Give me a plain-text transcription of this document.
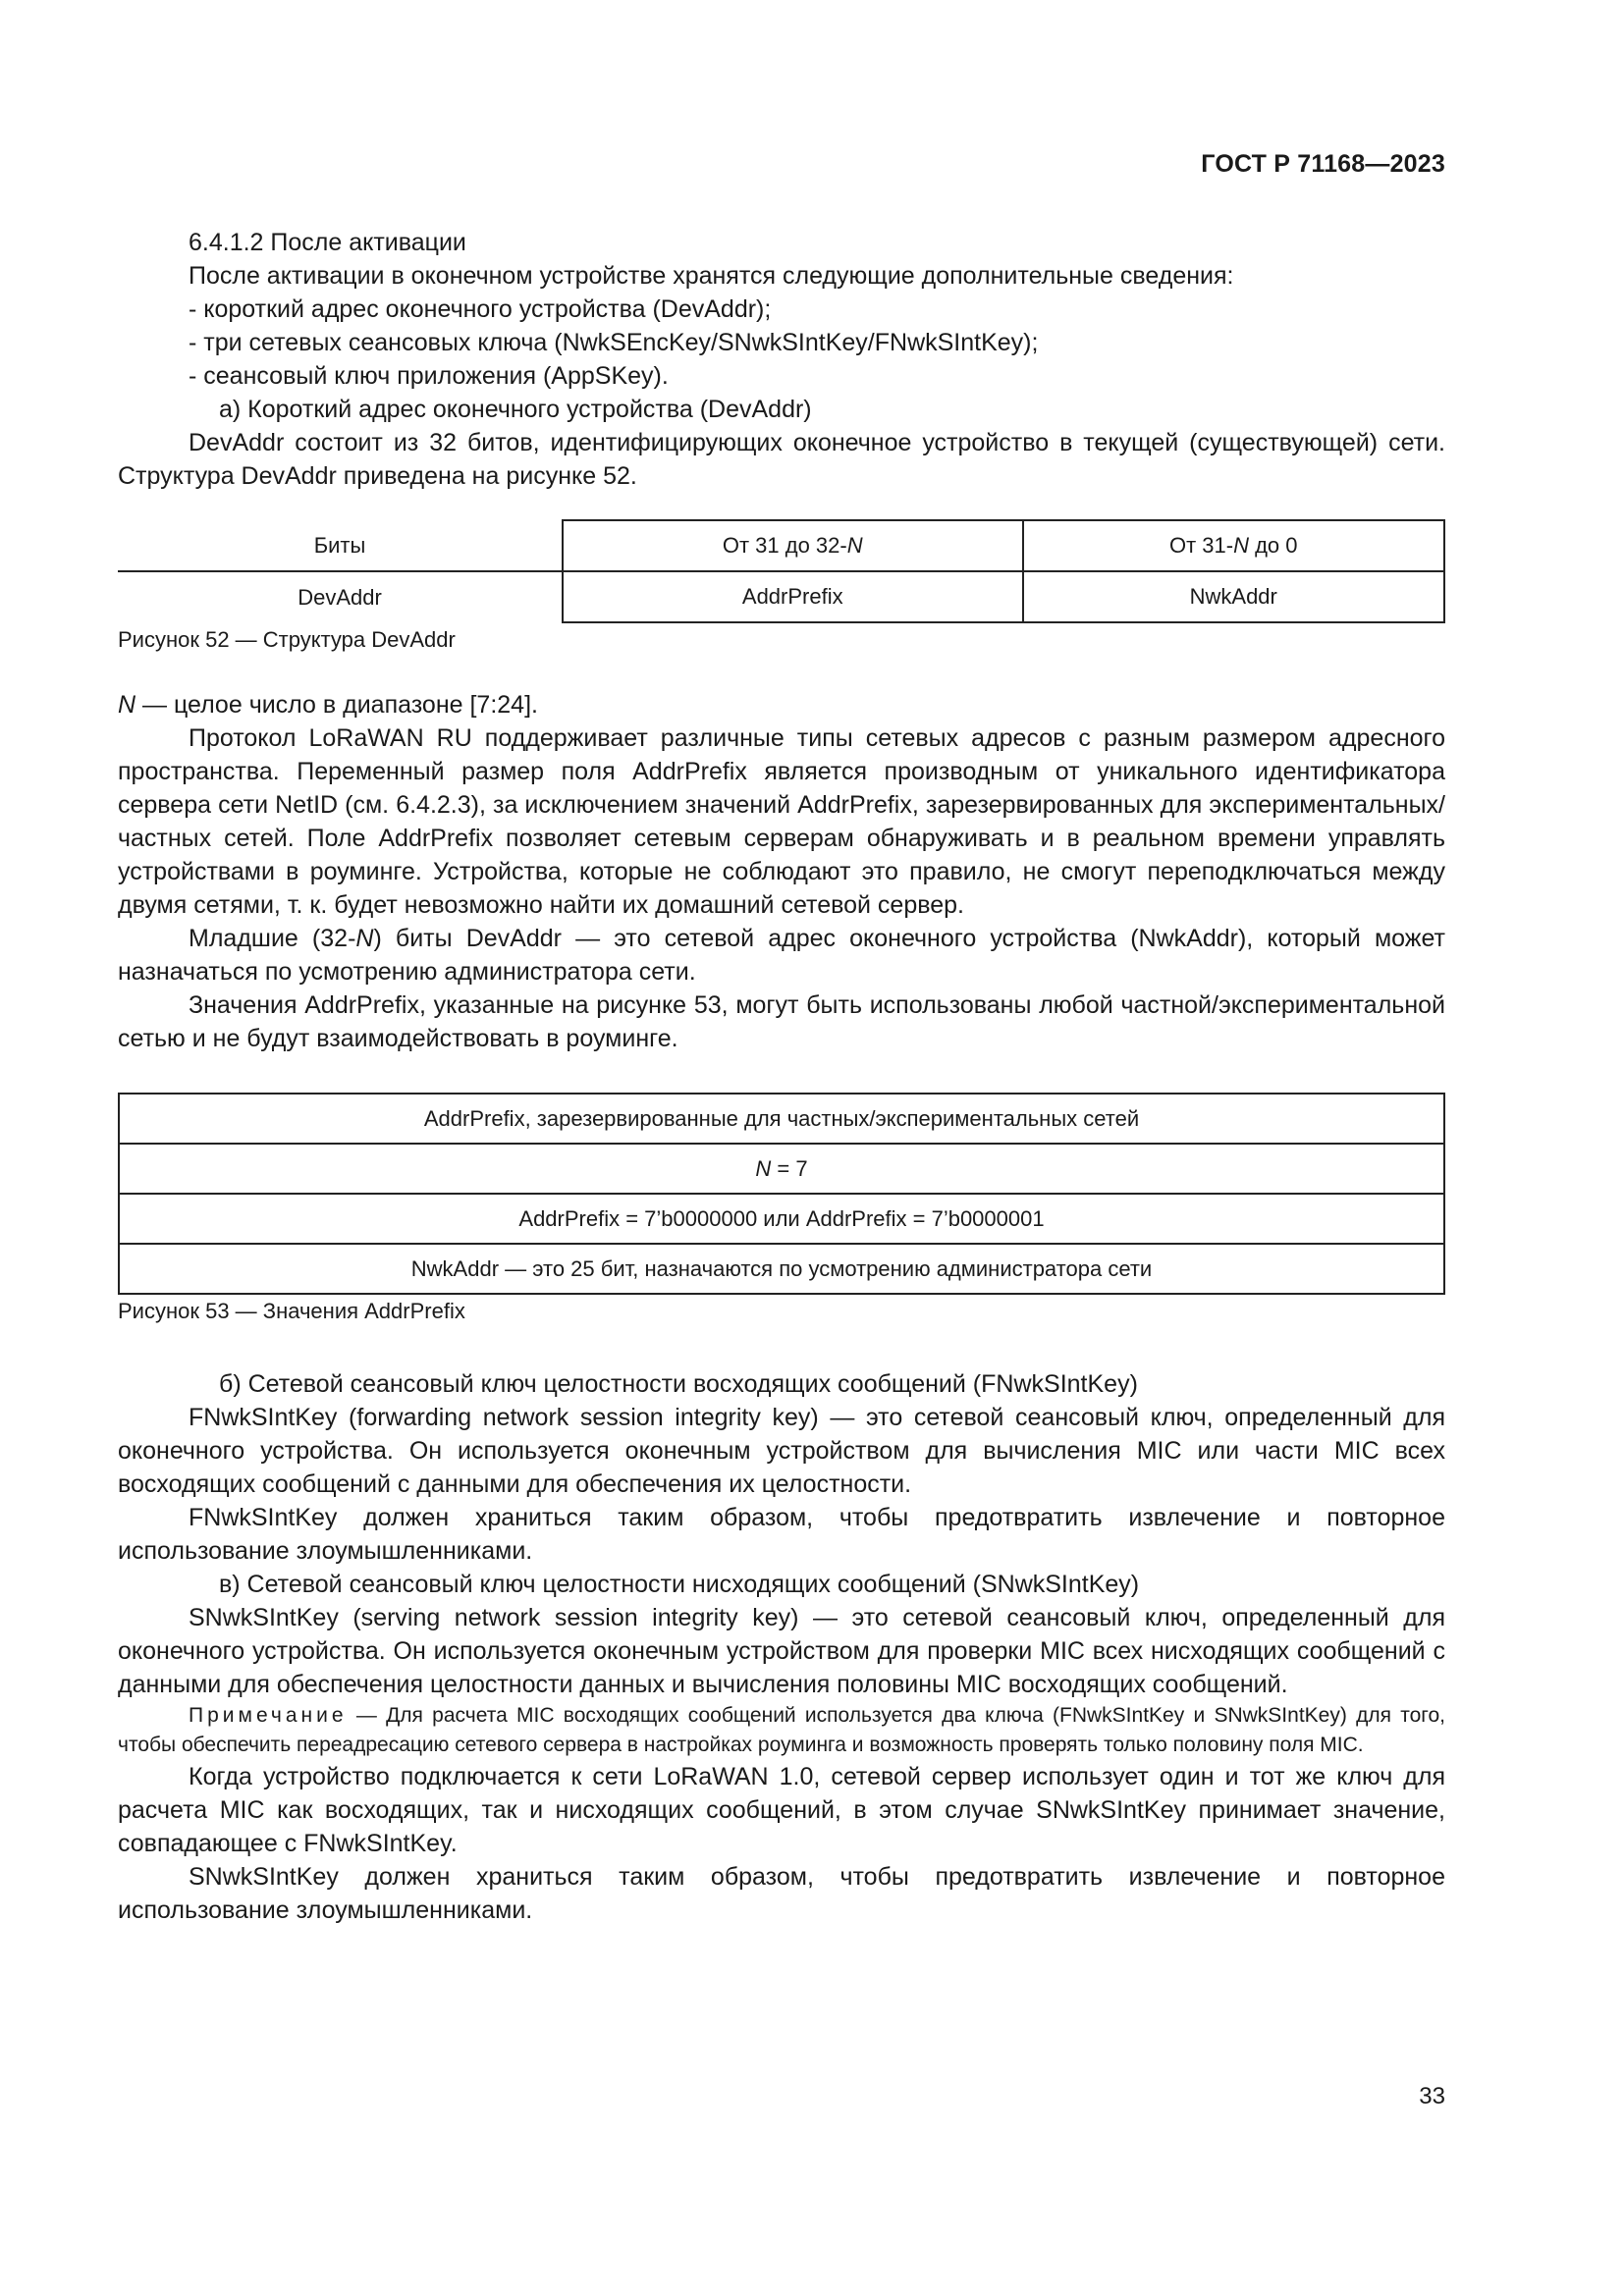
ГОСТ Р 71168—2023

6.4.1.2 После активации

После активации в оконечном устройстве хранятся следующие дополнительные сведения:

- короткий адрес оконечного устройства (DevAddr);

- три сетевых сеансовых ключа (NwkSEncKey/SNwkSIntKey/FNwkSIntKey);

- сеансовый ключ приложения (AppSKey).

а) Короткий адрес оконечного устройства (DevAddr)

DevAddr состоит из 32 битов, идентифицирующих оконечное устройство в текущей (существующей) сети. Структура DevAddr приведена на рисунке 52.

Биты	От 31 до 32-N	От 31-N до 0
DevAddr	AddrPrefix	NwkAddr

Рисунок 52 — Структура DevAddr

N — целое число в диапазоне [7:24].

Протокол LoRaWAN RU поддерживает различные типы сетевых адресов с разным размером адресного пространства. Переменный размер поля AddrPrefix является производным от уникального идентификатора сервера сети NetID (см. 6.4.2.3), за исключением значений AddrPrefix, зарезервированных для экспериментальных/частных сетей. Поле AddrPrefix позволяет сетевым серверам обнаруживать и в реальном времени управлять устройствами в роуминге. Устройства, которые не соблюдают это правило, не смогут переподключаться между двумя сетями, т. к. будет невозможно найти их домашний сетевой сервер.

Младшие (32-N) биты DevAddr — это сетевой адрес оконечного устройства (NwkAddr), который может назначаться по усмотрению администратора сети.

Значения AddrPrefix, указанные на рисунке 53, могут быть использованы любой частной/экспериментальной сетью и не будут взаимодействовать в роуминге.

AddrPrefix, зарезервированные для частных/экспериментальных сетей
N = 7
AddrPrefix = 7’b0000000 или AddrPrefix = 7’b0000001
NwkAddr — это 25 бит, назначаются по усмотрению администратора сети

Рисунок 53 — Значения AddrPrefix

б) Сетевой сеансовый ключ целостности восходящих сообщений (FNwkSIntKey)

FNwkSIntKey (forwarding network session integrity key) — это сетевой сеансовый ключ, определенный для оконечного устройства. Он используется оконечным устройством для вычисления MIC или части MIC всех восходящих сообщений с данными для обеспечения их целостности.

FNwkSIntKey должен храниться таким образом, чтобы предотвратить извлечение и повторное использование злоумышленниками.

в) Сетевой сеансовый ключ целостности нисходящих сообщений (SNwkSIntKey)

SNwkSIntKey (serving network session integrity key) — это сетевой сеансовый ключ, определенный для оконечного устройства. Он используется оконечным устройством для проверки MIC всех нисходящих сообщений с данными для обеспечения целостности данных и вычисления половины MIC восходящих сообщений.

Примечание — Для расчета MIC восходящих сообщений используется два ключа (FNwkSIntKey и SNwkSIntKey) для того, чтобы обеспечить переадресацию сетевого сервера в настройках роуминга и возможность проверять только половину поля MIC.

Когда устройство подключается к сети LoRaWAN 1.0, сетевой сервер использует один и тот же ключ для расчета MIC как восходящих, так и нисходящих сообщений, в этом случае SNwkSIntKey принимает значение, совпадающее с FNwkSIntKey.

SNwkSIntKey должен храниться таким образом, чтобы предотвратить извлечение и повторное использование злоумышленниками.

33
